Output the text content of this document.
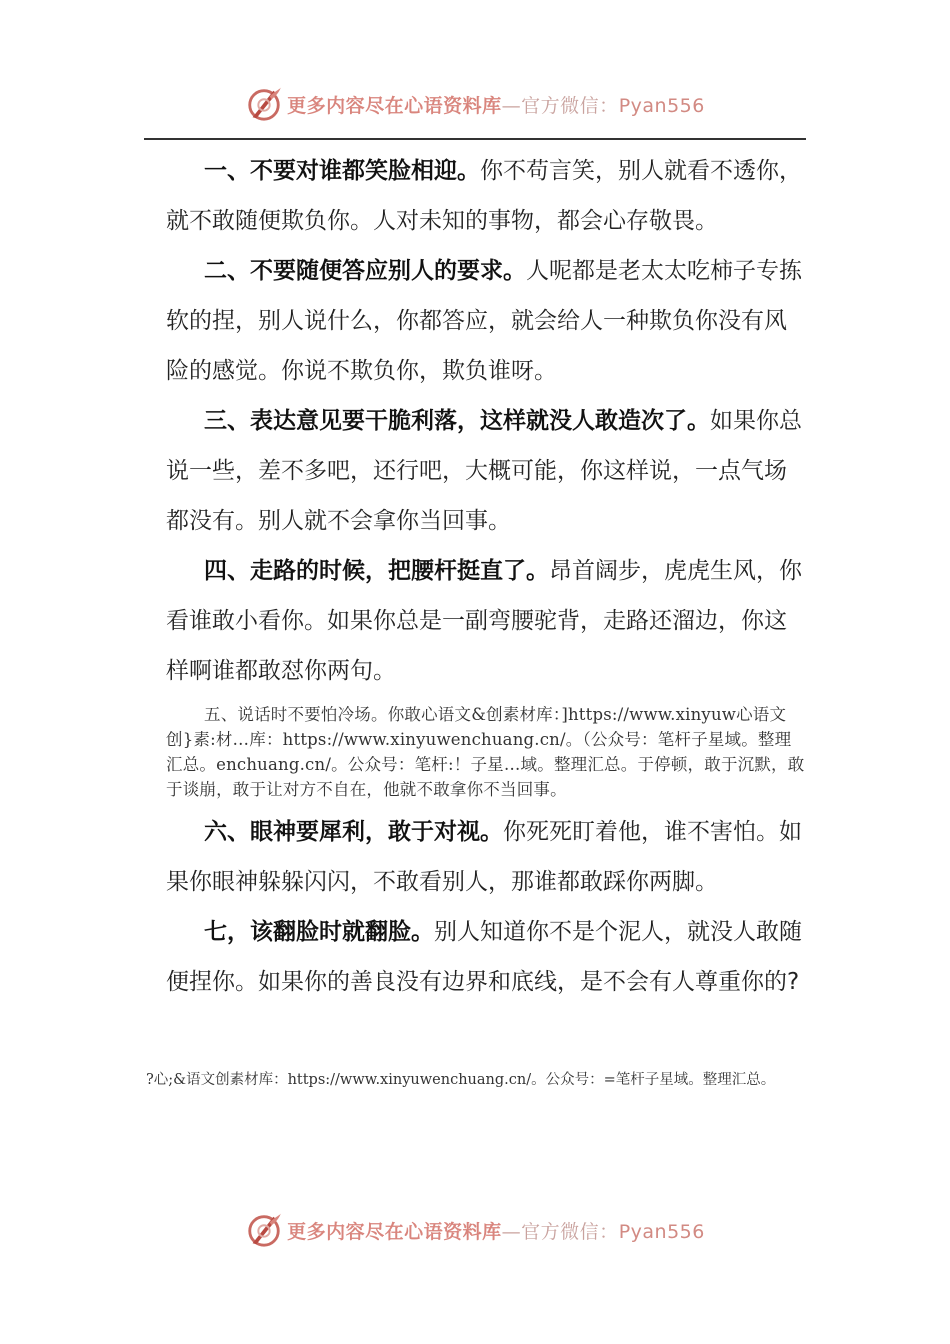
更多内容尽在心语资料库—官方微信：Pyan556

一、不要对谁都笑脸相迎。你不苟言笑，别人就看不透你，就不敢随便欺负你。人对未知的事物，都会心存敬畏。

二、不要随便答应别人的要求。人呢都是老太太吃柿子专拣软的捏，别人说什么，你都答应，就会给人一种欺负你没有风险的感觉。你说不欺负你，欺负谁呀。

三、表达意见要干脆利落，这样就没人敢造次了。如果你总说一些，差不多吧，还行吧，大概可能，你这样说，一点气场都没有。别人就不会拿你当回事。

四、走路的时候，把腰杆挺直了。昂首阔步，虎虎生风，你看谁敢小看你。如果你总是一副弯腰驼背，走路还溜边，你这样啊谁都敢怼你两句。

五、说话时不要怕冷场。你敢心语文&创素材库：]https://www.xinyuw心语文创}素:材…库：https://www.xinyuwenchuang.cn/。（公众号：笔杆子星域。整理汇总。enchuang.cn/。公众号：笔杆:！子星…域。整理汇总。于停顿，敢于沉默，敢于谈崩，敢于让对方不自在，他就不敢拿你不当回事。

六、眼神要犀利，敢于对视。你死死盯着他，谁不害怕。如果你眼神躲躲闪闪，不敢看别人，那谁都敢踩你两脚。

七，该翻脸时就翻脸。别人知道你不是个泥人，就没人敢随便捏你。如果你的善良没有边界和底线，是不会有人尊重你的?

?心;&语文创素材库：https://www.xinyuwenchuang.cn/。公众号：=笔杆子星域。整理汇总。
更多内容尽在心语资料库—官方微信：Pyan556
